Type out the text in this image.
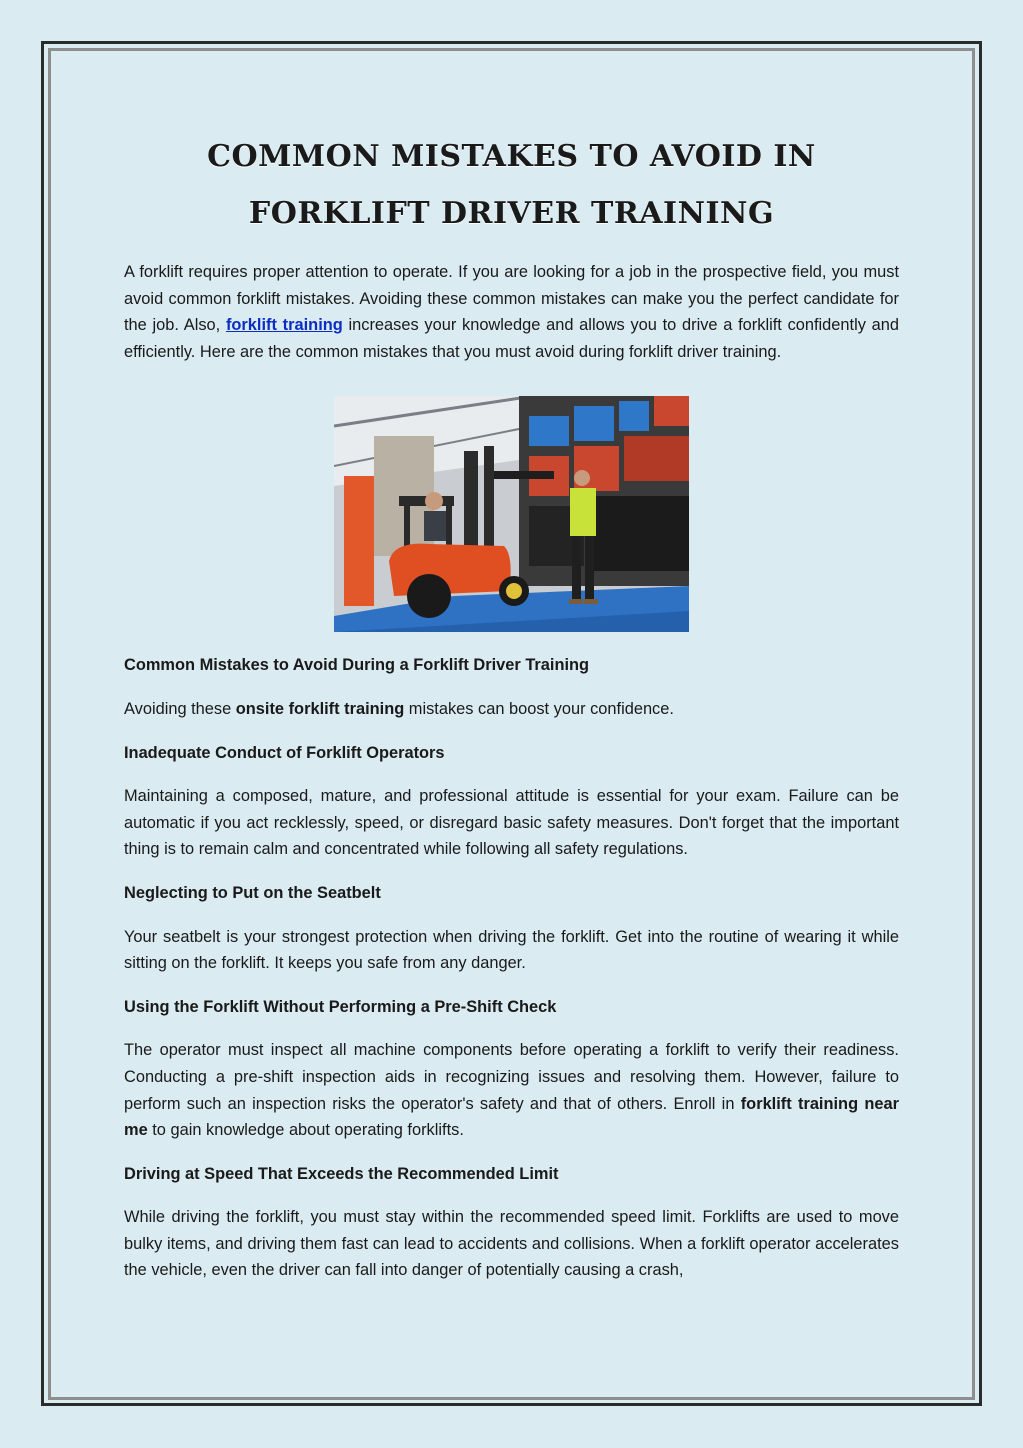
COMMON MISTAKES TO AVOID IN FORKLIFT DRIVER TRAINING

A forklift requires proper attention to operate. If you are looking for a job in the prospective field, you must avoid common forklift mistakes. Avoiding these common mistakes can make you the perfect candidate for the job. Also, forklift training increases your knowledge and allows you to drive a forklift confidently and efficiently. Here are the common mistakes that you must avoid during forklift driver training.

Common Mistakes to Avoid During a Forklift Driver Training

Avoiding these onsite forklift training mistakes can boost your confidence.

Inadequate Conduct of Forklift Operators

Maintaining a composed, mature, and professional attitude is essential for your exam. Failure can be automatic if you act recklessly, speed, or disregard basic safety measures. Don't forget that the important thing is to remain calm and concentrated while following all safety regulations.

Neglecting to Put on the Seatbelt

Your seatbelt is your strongest protection when driving the forklift. Get into the routine of wearing it while sitting on the forklift. It keeps you safe from any danger.

Using the Forklift Without Performing a Pre-Shift Check

The operator must inspect all machine components before operating a forklift to verify their readiness. Conducting a pre-shift inspection aids in recognizing issues and resolving them. However, failure to perform such an inspection risks the operator's safety and that of others. Enroll in forklift training near me to gain knowledge about operating forklifts.

Driving at Speed That Exceeds the Recommended Limit

While driving the forklift, you must stay within the recommended speed limit. Forklifts are used to move bulky items, and driving them fast can lead to accidents and collisions. When a forklift operator accelerates the vehicle, even the driver can fall into danger of potentially causing a crash,
